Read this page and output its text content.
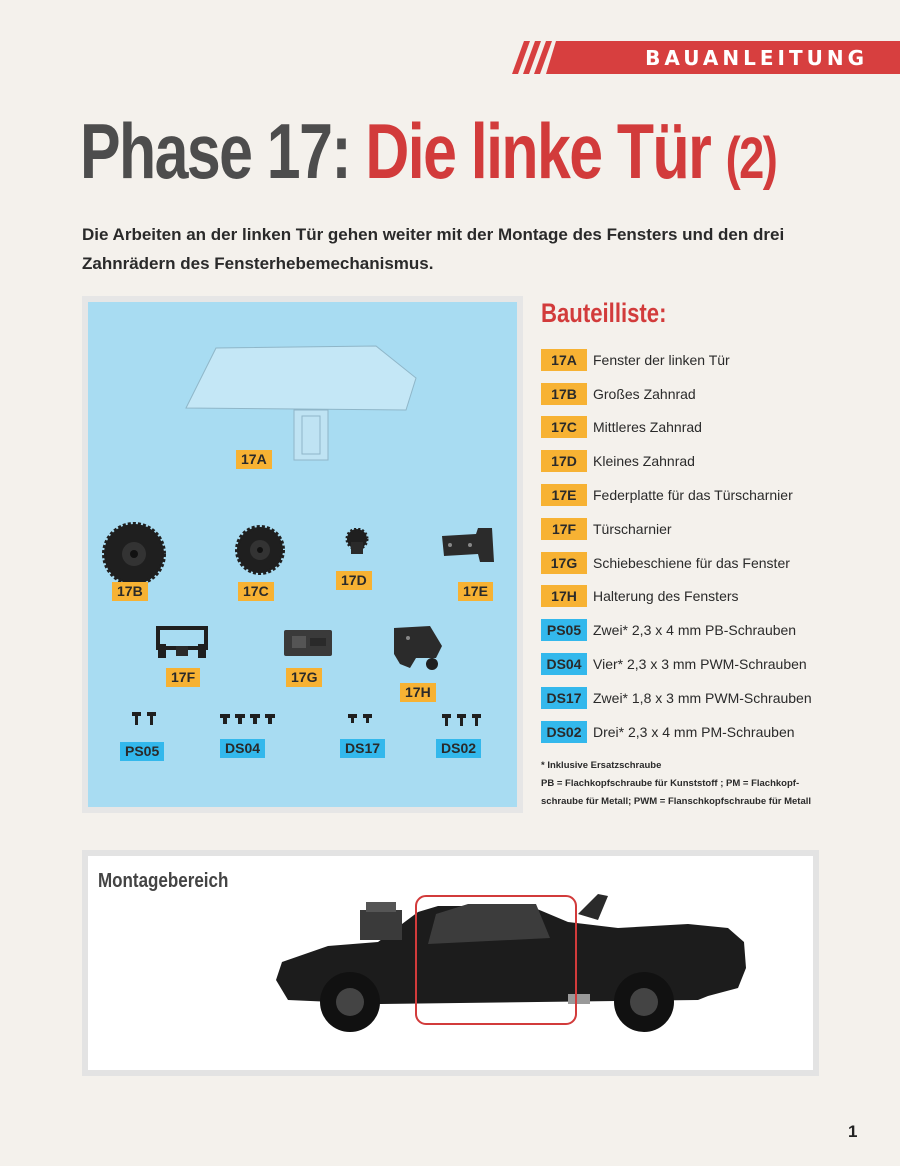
BAUANLEITUNG
Phase 17: Die linke Tür (2)

Die Arbeiten an der linken Tür gehen weiter mit der Montage des Fensters und den drei Zahnrädern des Fensterhebemechanismus.

17A
17B	17C
17D
17E
17F	17G
17H
PS05	DS04	DS17	DS02
Bauteilliste:
17A	Fenster der linken Tür
17B	Großes Zahnrad
17C	Mittleres Zahnrad
17D	Kleines Zahnrad
17E	Federplatte für das Türscharnier
17F	Türscharnier
17G	Schiebeschiene für das Fenster
17H	Halterung des Fensters
PS05 Zwei* 2,3 x 4 mm PB-Schrauben
DS04 Vier* 2,3 x 3 mm PWM-Schrauben
DS17 Zwei* 1,8 x 3 mm PWM-Schrauben
DS02 Drei* 2,3 x 4 mm PM-Schrauben
* Inklusive Ersatzschraube
PB = Flachkopfschraube für Kunststoff ; PM = Flachkopf-schraube für Metall; PWM = Flanschkopfschraube für Metall
Montagebereich
1
